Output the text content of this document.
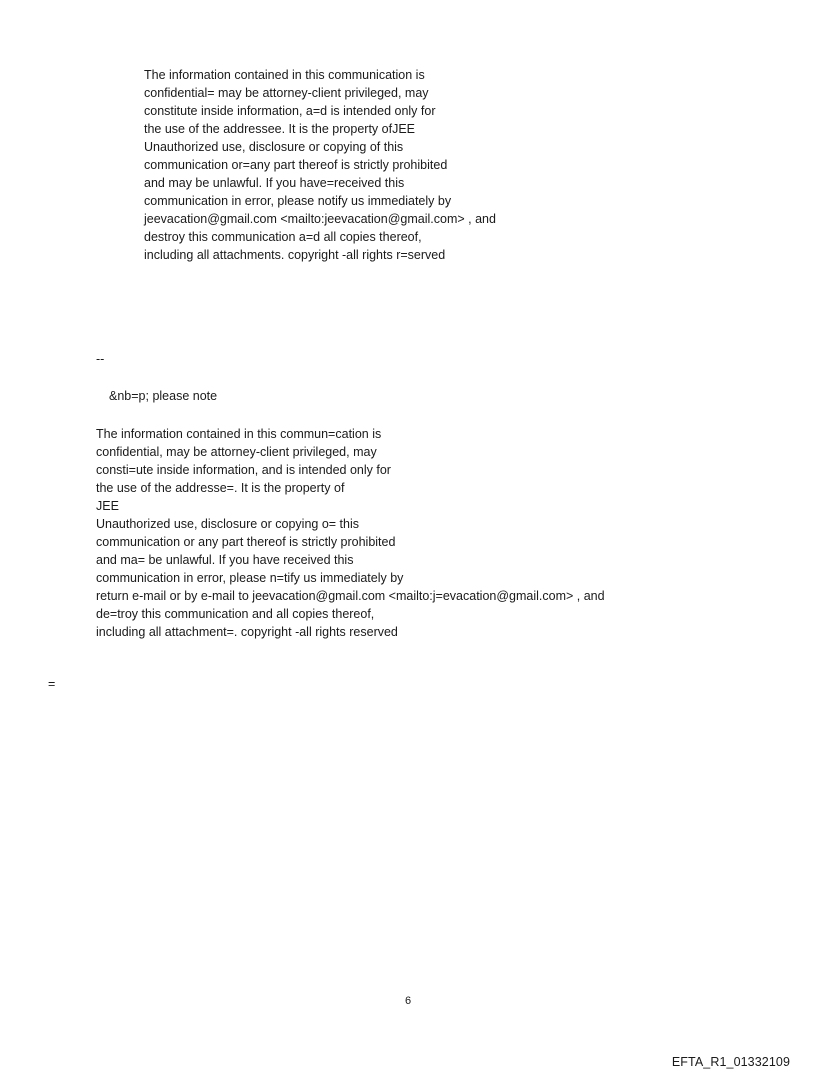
The information contained in this communication is
confidential= may be attorney-client privileged, may
constitute inside information, a=d is intended only for
the use of the addressee. It is the property ofJEE
Unauthorized use, disclosure or copying of this
communication or=any part thereof is strictly prohibited
and may be unlawful. If you have=received this
communication in error, please notify us immediately by
jeevacation@gmail.com <mailto:jeevacation@gmail.com> , and
destroy this communication a=d all copies thereof,
including all attachments. copyright -all rights r=served
--
&nb=p; please note
The information contained in this commun=cation is
confidential, may be attorney-client privileged, may
consti=ute inside information, and is intended only for
the use of the addresse=. It is the property of
JEE
Unauthorized use, disclosure or copying o= this
communication or any part thereof is strictly prohibited
and ma= be unlawful. If you have received this
communication in error, please n=tify us immediately by
return e-mail or by e-mail to jeevacation@gmail.com <mailto:j=evacation@gmail.com> , and
de=troy this communication and all copies thereof,
including all attachment=. copyright -all rights reserved
=
6
EFTA_R1_01332109
